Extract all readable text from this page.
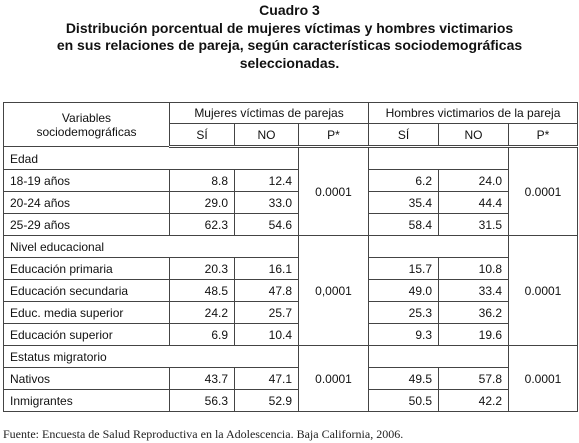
Cuadro 3
Distribución porcentual de mujeres víctimas y hombres victimarios
en sus relaciones de pareja, según características sociodemográficas
seleccionadas.
Variables
sociodemográficas	Mujeres víctimas de parejas			Hombres victimarios de la pareja		
	SÍ	NO	P*	SÍ	NO	P*
Edad			0.0001			0.0001
18-19 años	8.8	12.4		6.2	24.0	
20-24 años	29.0	33.0		35.4	44.4	
25-29 años	62.3	54.6		58.4	31.5	
Nivel educacional			0,0001			0.0001
Educación primaria	20.3	16.1		15.7	10.8	
Educación secundaria	48.5	47.8		49.0	33.4	
Educ. media superior	24.2	25.7		25.3	36.2	
Educación superior	6.9	10.4		9.3	19.6	
Estatus migratorio			0.0001			0.0001
Nativos	43.7	47.1		49.5	57.8	
Inmigrantes	56.3	52.9		50.5	42.2	
Fuente: Encuesta de Salud Reproductiva en la Adolescencia. Baja California, 2006.
